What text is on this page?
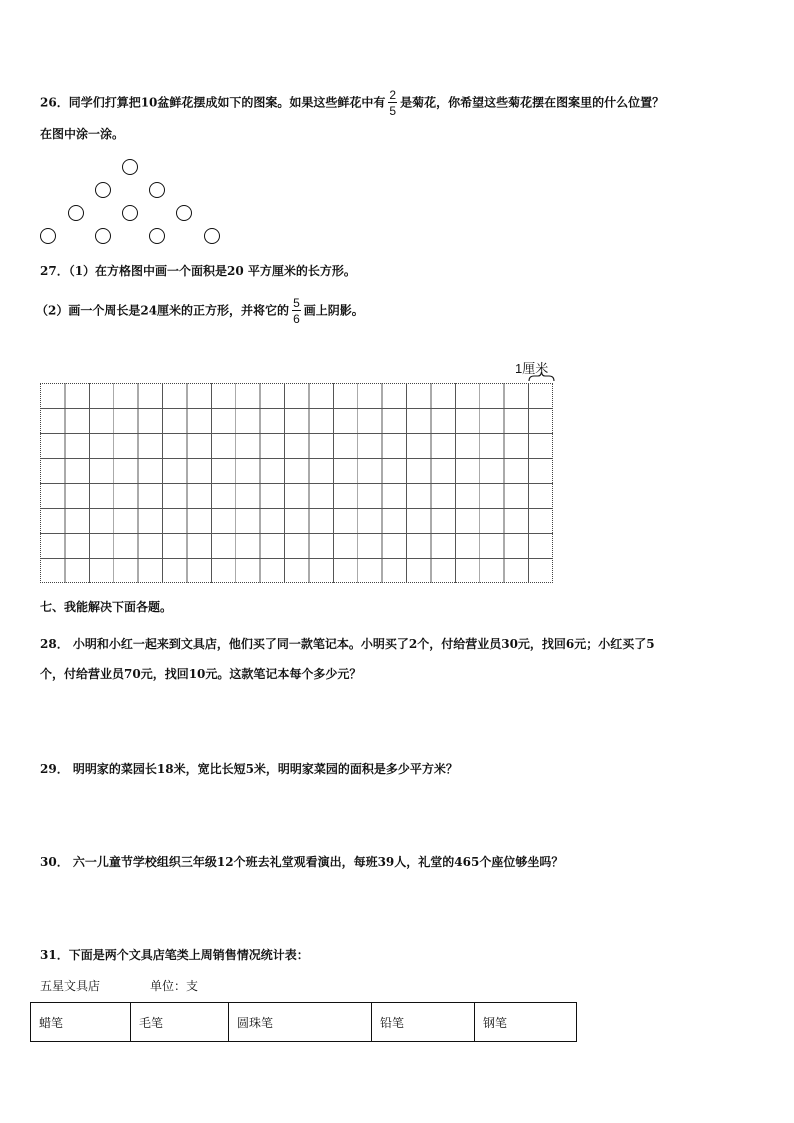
26．同学们打算把10盆鲜花摆成如下的图案。如果这些鲜花中有 $\frac{2}{5}$ 是菊花，你希望这些菊花摆在图案里的什么位置？
在图中涂一涂。
27．（1）在方格图中画一个面积是20 平方厘米的长方形。
（2）画一个周长是24厘米的正方形，并将它的 $\frac{5}{6}$ 画上阴影。
1厘米
七、我能解决下面各题。
28． 小明和小红一起来到文具店，他们买了同一款笔记本。小明买了2个，付给营业员30元，找回6元；小红买了5
个，付给营业员70元，找回10元。这款笔记本每个多少元？
29． 明明家的菜园长18米，宽比长短5米，明明家菜园的面积是多少平方米？
30． 六一儿童节学校组织三年级12个班去礼堂观看演出，每班39人，礼堂的465个座位够坐吗？
31．下面是两个文具店笔类上周销售情况统计表：
五星文具店	单位：支
蜡笔	毛笔	圆珠笔	铅笔	钢笔
